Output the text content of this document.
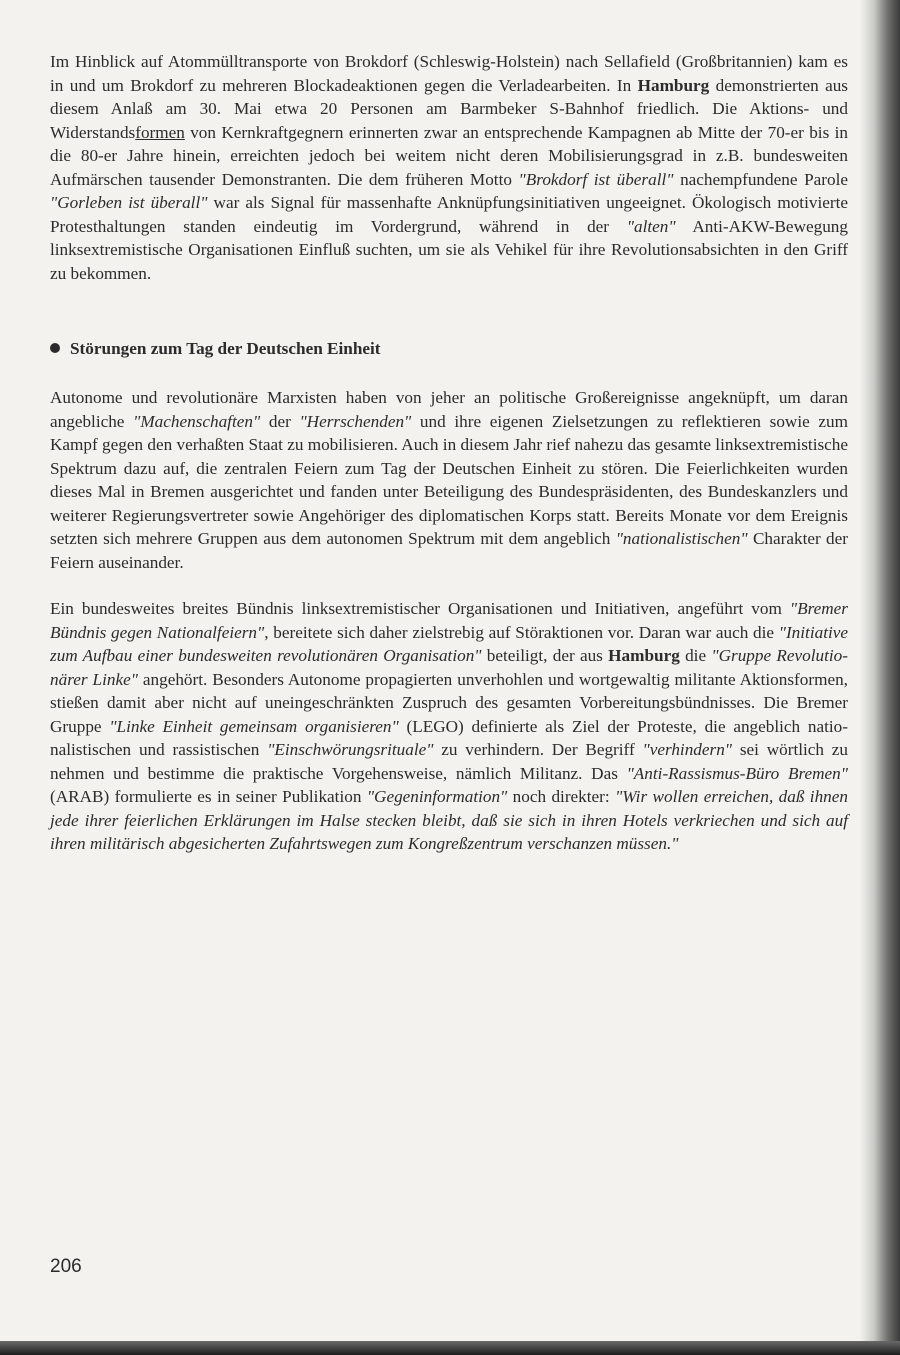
Im Hinblick auf Atommülltransporte von Brokdorf (Schleswig-Holstein) nach Sellafield (Großbritannien) kam es in und um Brokdorf zu mehreren Blockadeaktionen gegen die Verladearbeiten. In Hamburg demonstrierten aus diesem Anlaß am 30. Mai etwa 20 Personen am Barmbeker S-Bahnhof friedlich. Die Aktions- und Widerstandsformen von Kernkraftgegnern erinnerten zwar an entsprechende Kampagnen ab Mitte der 70-er bis in die 80-er Jahre hinein, erreichten jedoch bei weitem nicht deren Mobilisierungsgrad in z.B. bundesweiten Aufmärschen tausender Demonstranten. Die dem früheren Motto "Brokdorf ist überall" nachempfundene Parole "Gorleben ist überall" war als Signal für massenhafte Anknüpfungsinitiativen ungeeignet. Ökologisch motivierte Protesthaltungen standen eindeutig im Vordergrund, während in der "alten" Anti-AKW-Bewegung linksextremistische Organisationen Einfluß suchten, um sie als Vehikel für ihre Revolutionsabsichten in den Griff zu bekommen.

Störungen zum Tag der Deutschen Einheit

Autonome und revolutionäre Marxisten haben von jeher an politische Großereignisse angeknüpft, um daran angebliche "Machenschaften" der "Herrschenden" und ihre eigenen Zielsetzungen zu reflektieren sowie zum Kampf gegen den verhaßten Staat zu mobilisieren. Auch in diesem Jahr rief nahezu das gesamte linksextremistische Spektrum dazu auf, die zentralen Feiern zum Tag der Deutschen Einheit zu stören. Die Feierlichkeiten wurden dieses Mal in Bremen ausgerichtet und fanden unter Beteiligung des Bundespräsidenten, des Bundeskanzlers und weiterer Regierungsvertreter sowie Angehöriger des diplomatischen Korps statt. Bereits Monate vor dem Ereignis setzten sich mehrere Gruppen aus dem autonomen Spektrum mit dem angeblich "nationalistischen" Charakter der Feiern auseinander.

Ein bundesweites breites Bündnis linksextremistischer Organisationen und Initiativen, angeführt vom "Bremer Bündnis gegen Nationalfeiern", bereitete sich daher zielstrebig auf Störaktionen vor. Daran war auch die "Initiative zum Aufbau einer bundesweiten revolutionären Organisation" beteiligt, der aus Hamburg die "Gruppe Revolutionärer Linke" angehört. Besonders Autonome propagierten unverhohlen und wortgewaltig militante Aktionsformen, stießen damit aber nicht auf uneingeschränkten Zuspruch des gesamten Vorbereitungsbündnisses. Die Bremer Gruppe "Linke Einheit gemeinsam organisieren" (LEGO) definierte als Ziel der Proteste, die angeblich nationalistischen und rassistischen "Einschwörungsrituale" zu verhindern. Der Begriff "verhindern" sei wörtlich zu nehmen und bestimme die praktische Vorgehensweise, nämlich Militanz. Das "Anti-Rassismus-Büro Bremen" (ARAB) formulierte es in seiner Publikation "Gegeninformation" noch direkter: "Wir wollen erreichen, daß ihnen jede ihrer feierlichen Erklärungen im Halse stecken bleibt, daß sie sich in ihren Hotels verkriechen und sich auf ihren militärisch abgesicherten Zufahrtswegen zum Kongreßzentrum verschanzen müssen."

206
